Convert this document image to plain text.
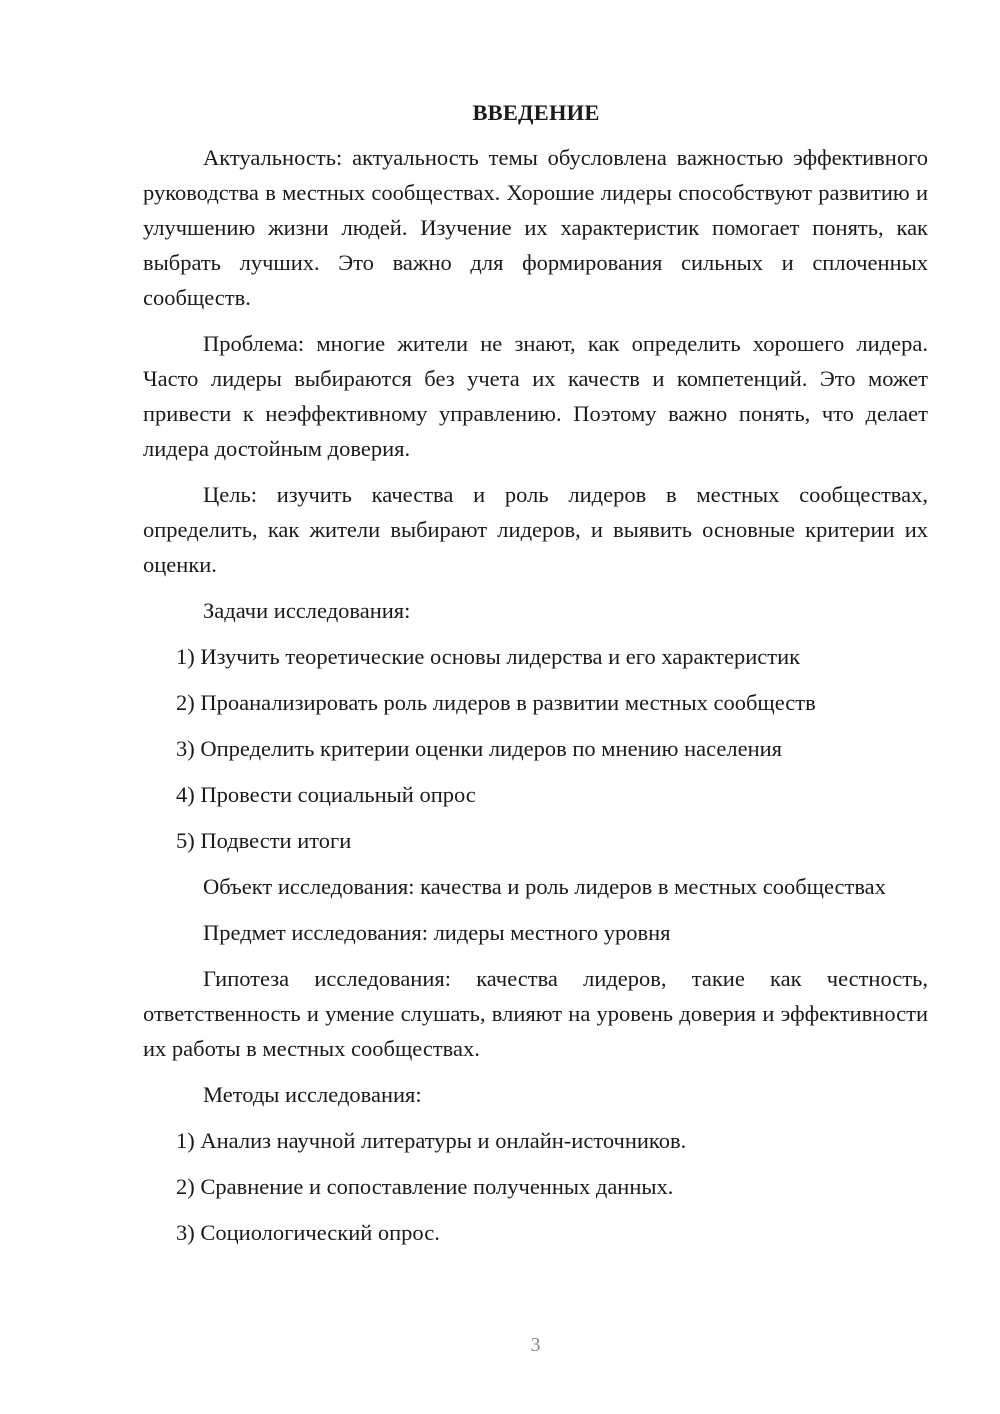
ВВЕДЕНИЕ
Актуальность: актуальность темы обусловлена важностью эффективного руководства в местных сообществах. Хорошие лидеры способствуют развитию и улучшению жизни людей. Изучение их характеристик помогает понять, как выбрать лучших. Это важно для формирования сильных и сплоченных сообществ.
Проблема: многие жители не знают, как определить хорошего лидера. Часто лидеры выбираются без учета их качеств и компетенций. Это может привести к неэффективному управлению. Поэтому важно понять, что делает лидера достойным доверия.
Цель: изучить качества и роль лидеров в местных сообществах, определить, как жители выбирают лидеров, и выявить основные критерии их оценки.
Задачи исследования:
1) Изучить теоретические основы лидерства и его характеристик
2) Проанализировать роль лидеров в развитии местных сообществ
3) Определить критерии оценки лидеров по мнению населения
4) Провести социальный опрос
5) Подвести итоги
Объект исследования: качества и роль лидеров в местных сообществах
Предмет исследования: лидеры местного уровня
Гипотеза исследования: качества лидеров, такие как честность, ответственность и умение слушать, влияют на уровень доверия и эффективности их работы в местных сообществах.
Методы исследования:
1) Анализ научной литературы и онлайн-источников.
2) Сравнение и сопоставление полученных данных.
3) Социологический опрос.
3
